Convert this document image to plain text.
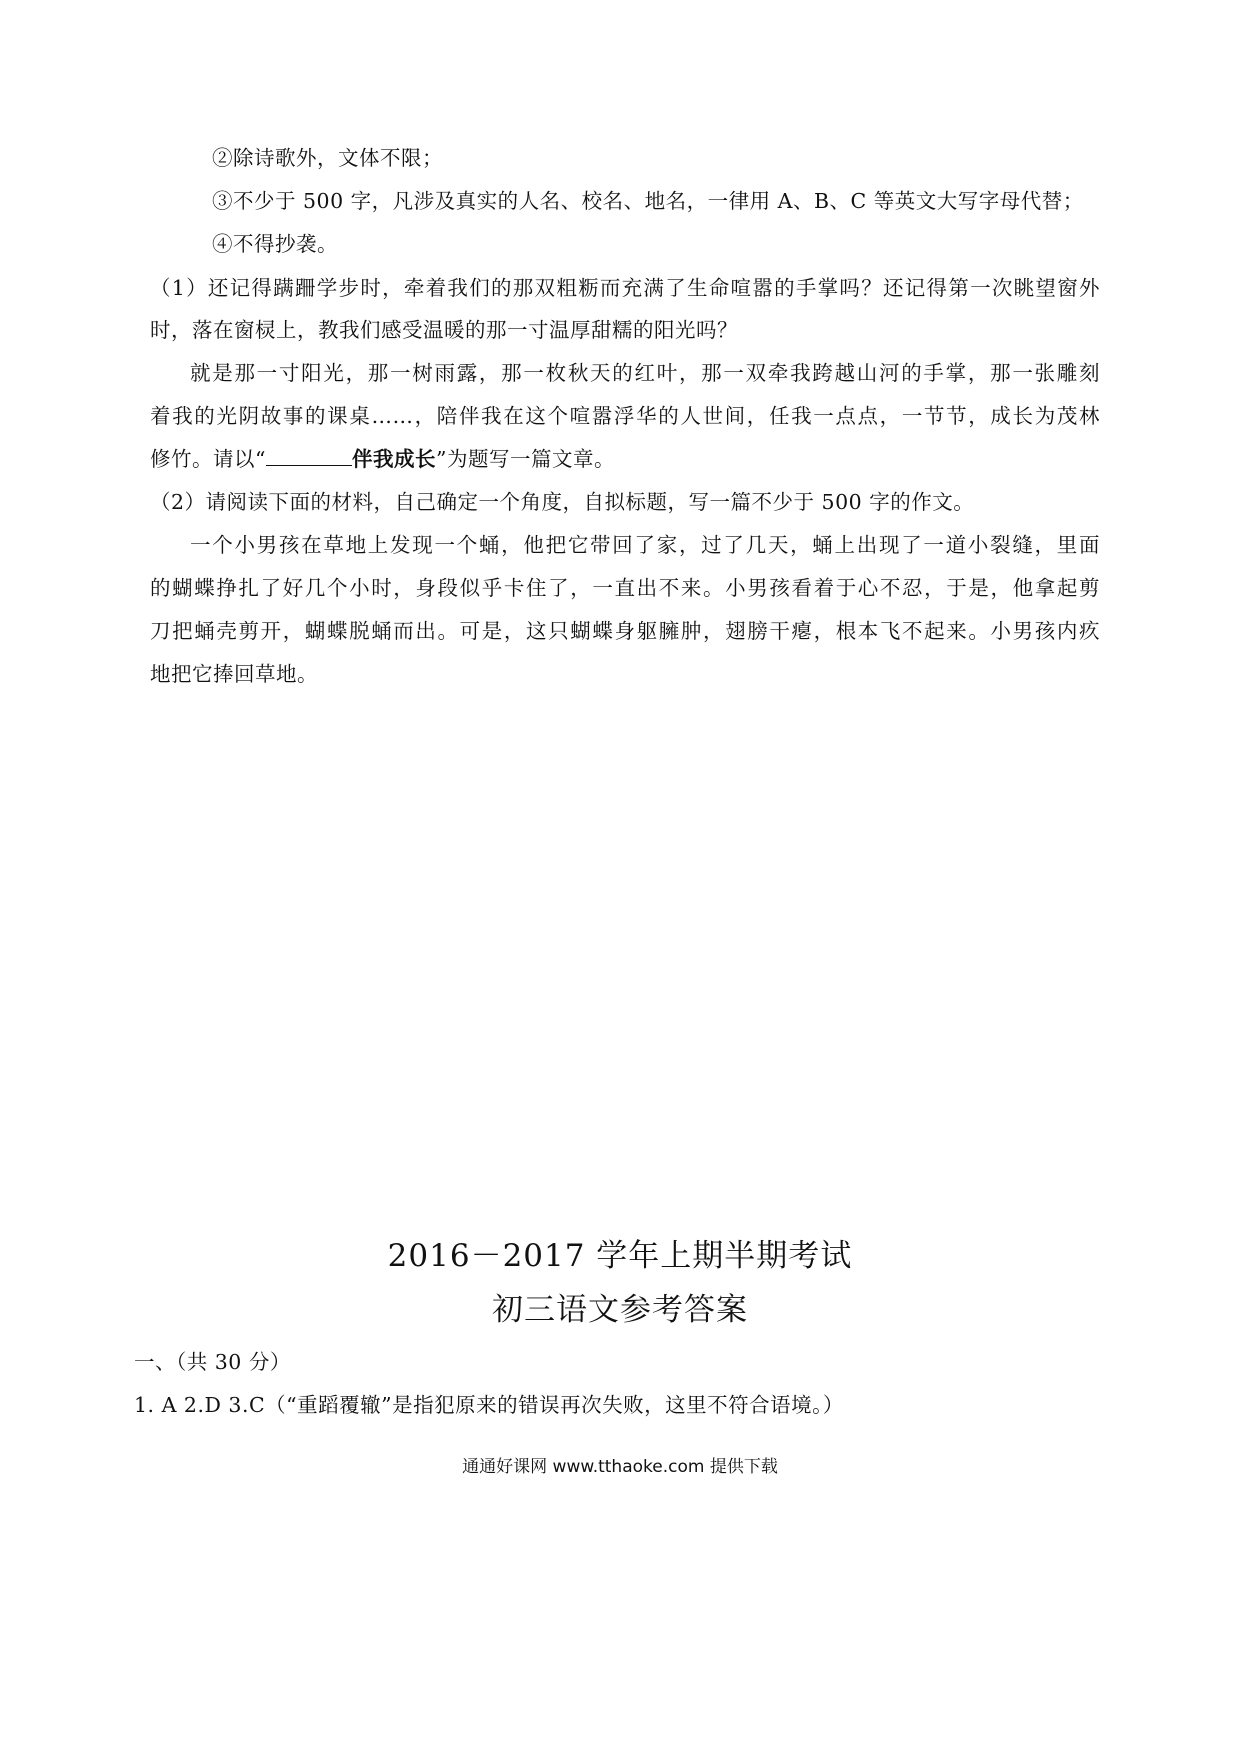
②除诗歌外，文体不限；
③不少于 500 字，凡涉及真实的人名、校名、地名，一律用 A、B、C 等英文大写字母代替；
④不得抄袭。
（1）还记得蹒跚学步时，牵着我们的那双粗粝而充满了生命喧嚣的手掌吗？还记得第一次眺望窗外
时，落在窗棂上，教我们感受温暖的那一寸温厚甜糯的阳光吗？
就是那一寸阳光，那一树雨露，那一枚秋天的红叶，那一双牵我跨越山河的手掌，那一张雕刻
着我的光阴故事的课桌……，陪伴我在这个喧嚣浮华的人世间，任我一点点，一节节，成长为茂林
修竹。请以“	伴我成长”为题写一篇文章。
（2）请阅读下面的材料，自己确定一个角度，自拟标题，写一篇不少于 500 字的作文。
一个小男孩在草地上发现一个蛹，他把它带回了家，过了几天，蛹上出现了一道小裂缝，里面
的蝴蝶挣扎了好几个小时，身段似乎卡住了，一直出不来。小男孩看着于心不忍，于是，他拿起剪
刀把蛹壳剪开，蝴蝶脱蛹而出。可是，这只蝴蝶身躯臃肿，翅膀干瘪，根本飞不起来。小男孩内疚
地把它捧回草地。
2016－2017 学年上期半期考试
初三语文参考答案
一、（共 30 分）
1. A 2.D 3.C（“重蹈覆辙”是指犯原来的错误再次失败，这里不符合语境。）
通通好课网 www.tthaoke.com 提供下载
